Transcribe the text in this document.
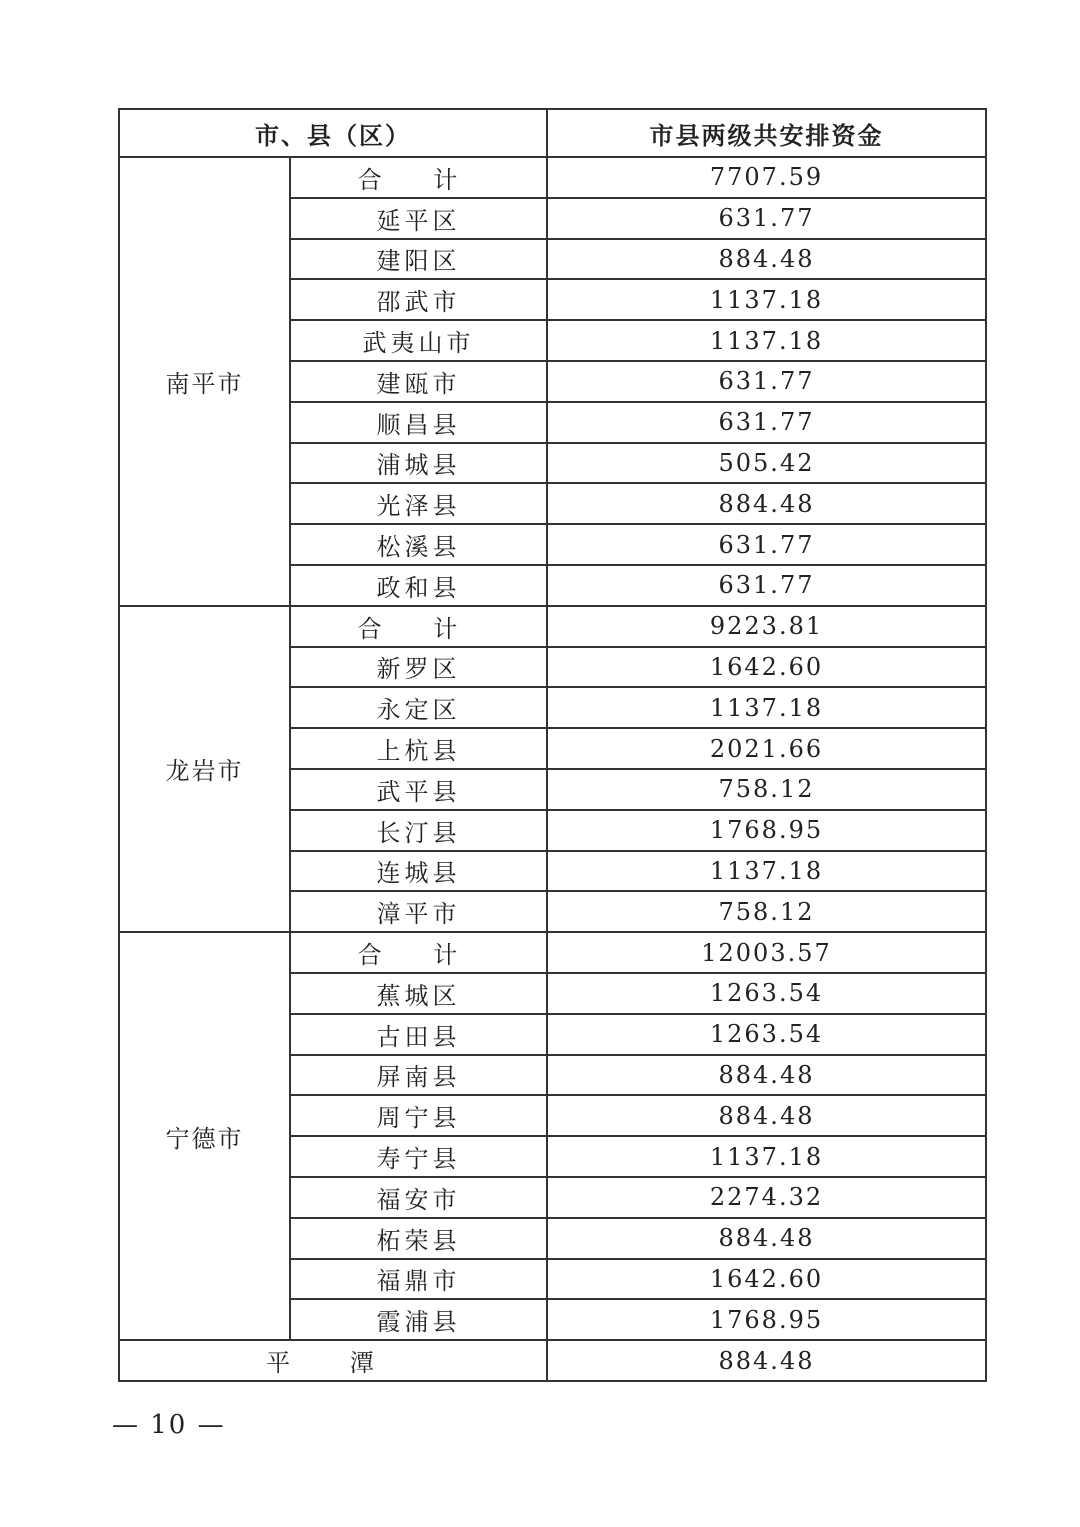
市、县（区）		市县两级共安排资金
南平市	合 计	7707.59
	延平区	631.77
	建阳区	884.48
	邵武市	1137.18
	武夷山市	1137.18
	建瓯市	631.77
	顺昌县	631.77
	浦城县	505.42
	光泽县	884.48
	松溪县	631.77
	政和县	631.77
龙岩市	合 计	9223.81
	新罗区	1642.60
	永定区	1137.18
	上杭县	2021.66
	武平县	758.12
	长汀县	1768.95
	连城县	1137.18
	漳平市	758.12
宁德市	合 计	12003.57
	蕉城区	1263.54
	古田县	1263.54
	屏南县	884.48
	周宁县	884.48
	寿宁县	1137.18
	福安市	2274.32
	柘荣县	884.48
	福鼎市	1642.60
	霞浦县	1768.95
平 潭		884.48
— 10 —
